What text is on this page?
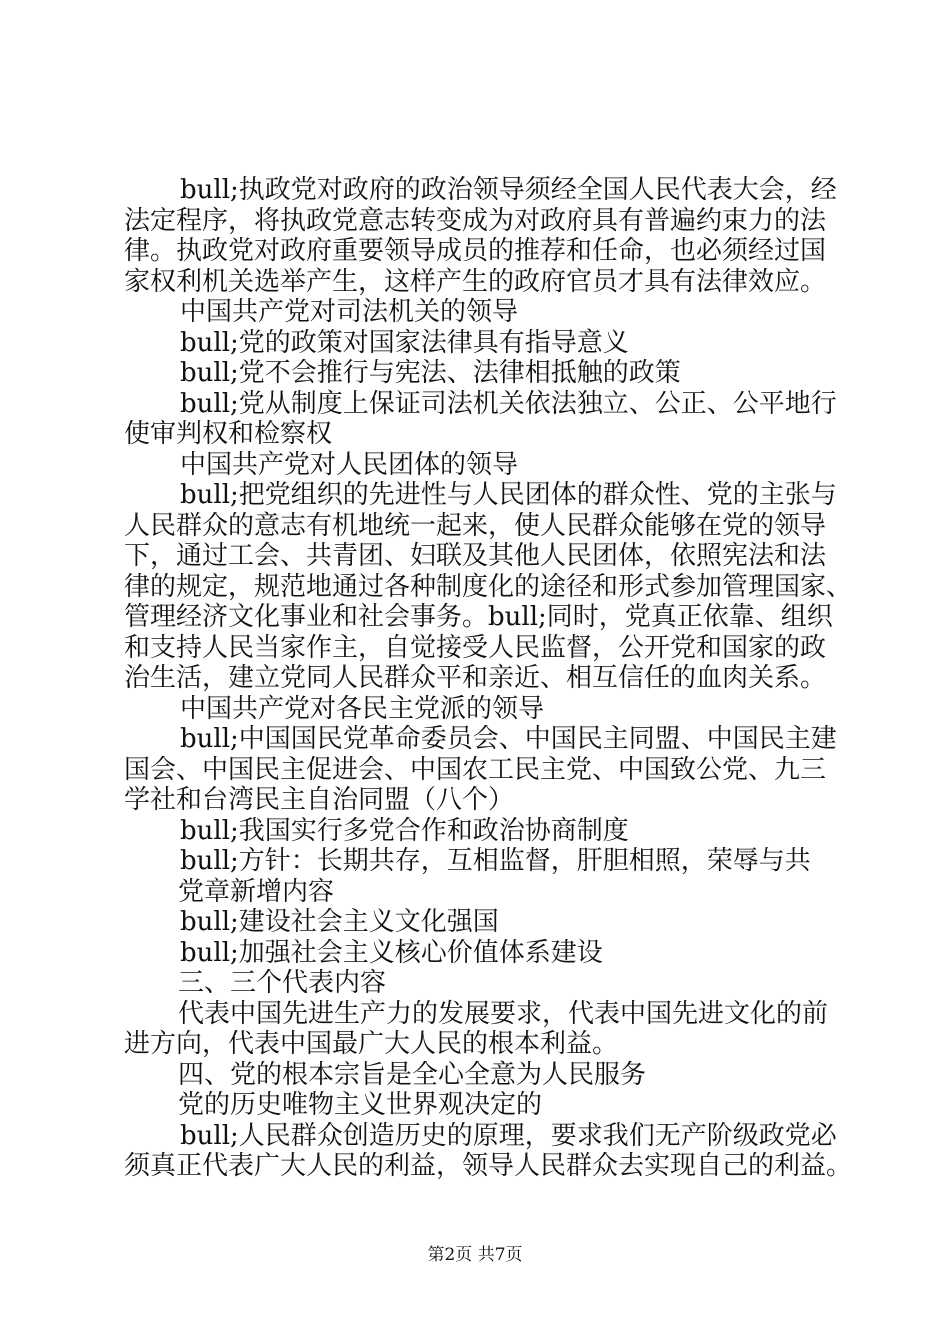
bull;执政党对政府的政治领导须经全国人民代表大会，经
法定程序，将执政党意志转变成为对政府具有普遍约束力的法
律。执政党对政府重要领导成员的推荐和任命，也必须经过国
家权利机关选举产生，这样产生的政府官员才具有法律效应。
中国共产党对司法机关的领导
bull;党的政策对国家法律具有指导意义
bull;党不会推行与宪法、法律相抵触的政策
bull;党从制度上保证司法机关依法独立、公正、公平地行
使审判权和检察权
中国共产党对人民团体的领导
bull;把党组织的先进性与人民团体的群众性、党的主张与
人民群众的意志有机地统一起来，使人民群众能够在党的领导
下，通过工会、共青团、妇联及其他人民团体，依照宪法和法
律的规定，规范地通过各种制度化的途径和形式参加管理国家、
管理经济文化事业和社会事务。bull;同时，党真正依靠、组织
和支持人民当家作主，自觉接受人民监督，公开党和国家的政
治生活，建立党同人民群众平和亲近、相互信任的血肉关系。
中国共产党对各民主党派的领导
bull;中国国民党革命委员会、中国民主同盟、中国民主建
国会、中国民主促进会、中国农工民主党、中国致公党、九三
学社和台湾民主自治同盟（八个）
bull;我国实行多党合作和政治协商制度
bull;方针：长期共存，互相监督，肝胆相照，荣辱与共
党章新增内容
bull;建设社会主义文化强国
bull;加强社会主义核心价值体系建设
三、三个代表内容
代表中国先进生产力的发展要求，代表中国先进文化的前
进方向，代表中国最广大人民的根本利益。
四、党的根本宗旨是全心全意为人民服务
党的历史唯物主义世界观决定的
bull;人民群众创造历史的原理，要求我们无产阶级政党必
须真正代表广大人民的利益，领导人民群众去实现自己的利益。
第2页 共7页
